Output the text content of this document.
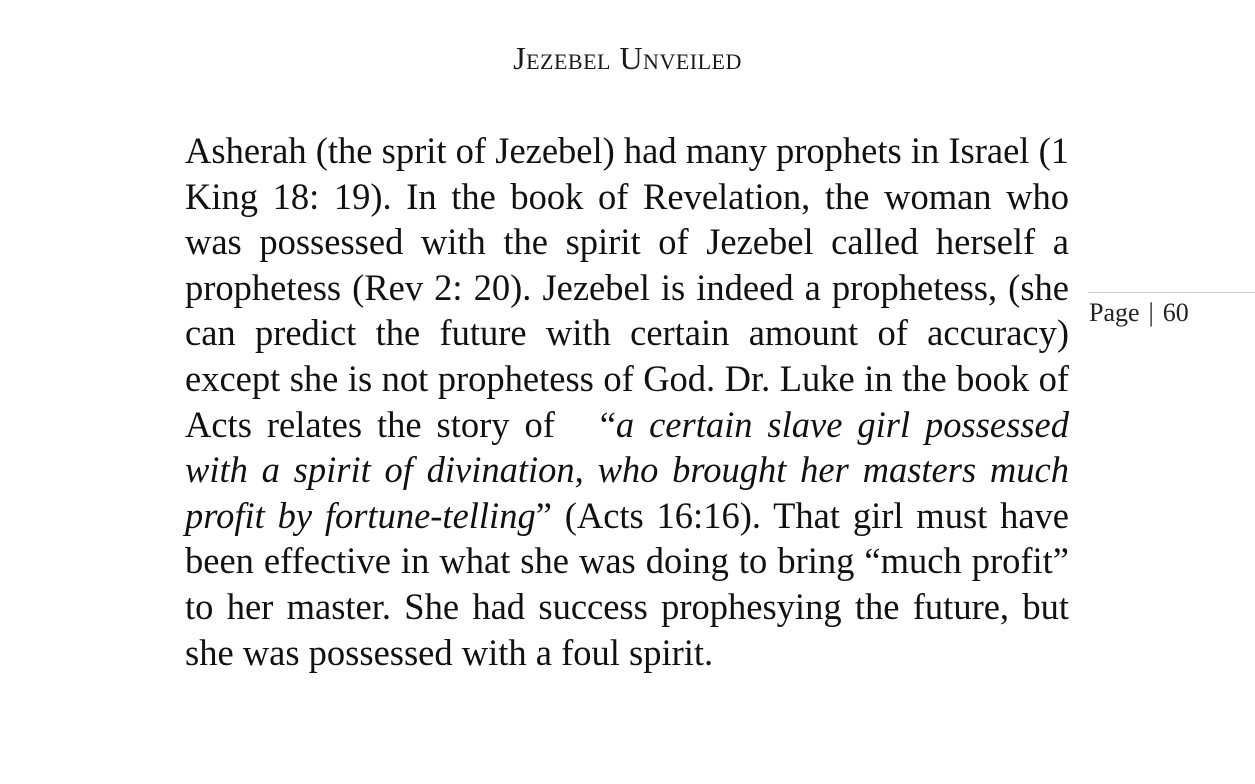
Jezebel Unveiled

Asherah (the sprit of Jezebel) had many prophets in Israel (1 King 18: 19). In the book of Revelation, the woman who was possessed with the spirit of Jezebel called herself a prophetess (Rev 2: 20). Jezebel is indeed a prophetess, (she can predict the future with certain amount of accuracy) except she is not prophetess of God. Dr. Luke in the book of Acts relates the story of   “a certain slave girl possessed with a spirit of divination, who brought her masters much profit by fortune-telling” (Acts 16:16). That girl must have been effective in what she was doing to bring “much profit” to her master. She had success prophesying the future, but she was possessed with a foul spirit.

Page | 60
